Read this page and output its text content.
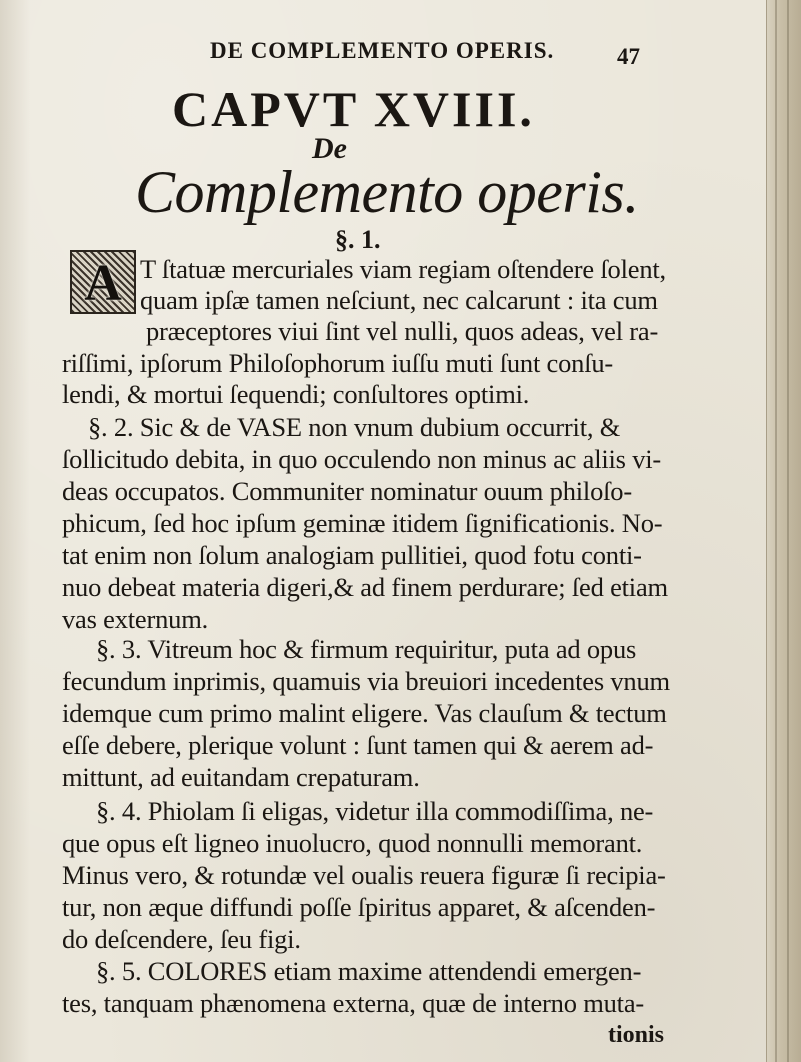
DE COMPLEMENTO OPERIS.	47
CAPVT XVIII.
De
Complemento operis.
§. 1.
A T ſtatuæ mercuriales viam regiam oſtendere ſolent,
quam ipſæ tamen neſciunt, nec calcarunt : ita cum
præceptores viui ſint vel nulli, quos adeas, vel ra-
riſſimi, ipſorum Philoſophorum iuſſu muti ſunt conſu-
lendi, & mortui ſequendi; conſultores optimi.
§. 2. Sic & de VASE non vnum dubium occurrit, &
ſollicitudo debita, in quo occulendo non minus ac aliis vi-
deas occupatos. Communiter nominatur ouum philoſo-
phicum, ſed hoc ipſum geminæ itidem ſignificationis. No-
tat enim non ſolum analogiam pullitiei, quod fotu conti-
nuo debeat materia digeri,& ad finem perdurare; ſed etiam
vas externum.
§. 3. Vitreum hoc & firmum requiritur, puta ad opus
fecundum inprimis, quamuis via breuiori incedentes vnum
idemque cum primo malint eligere. Vas clauſum & tectum
eſſe debere, plerique volunt : ſunt tamen qui & aerem ad-
mittunt, ad euitandam crepaturam.
§. 4. Phiolam ſi eligas, videtur illa commodiſſima, ne-
que opus eſt ligneo inuolucro, quod nonnulli memorant.
Minus vero, & rotundæ vel oualis reuera figuræ ſi recipia-
tur, non æque diffundi poſſe ſpiritus apparet, & aſcenden-
do deſcendere, ſeu figi.
§. 5. COLORES etiam maxime attendendi emergen-
tes, tanquam phænomena externa, quæ de interno muta-
tionis
